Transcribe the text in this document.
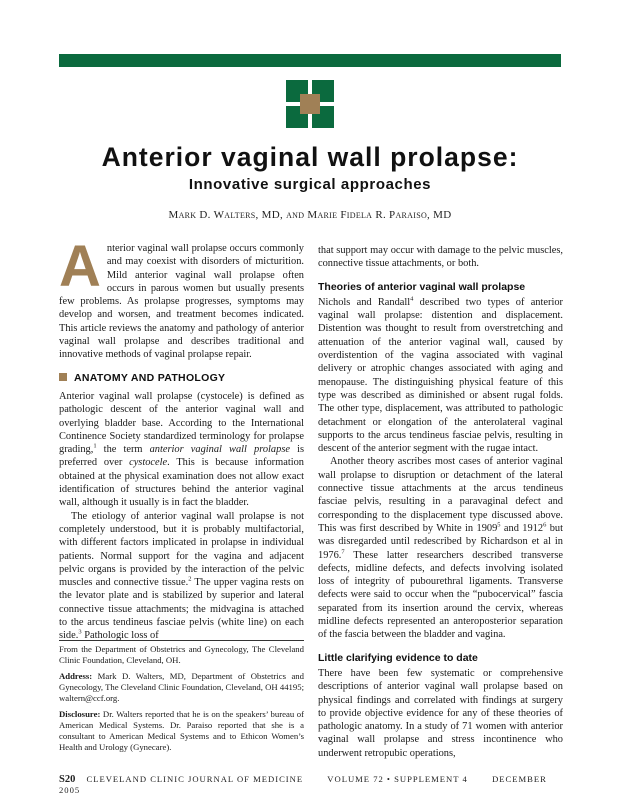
Anterior vaginal wall prolapse:
Innovative surgical approaches
Mark D. Walters, MD, and Marie Fidela R. Paraiso, MD

Anterior vaginal wall prolapse occurs commonly and may coexist with disorders of micturition. Mild anterior vaginal wall prolapse often occurs in parous women but usually presents few problems. As prolapse progresses, symptoms may develop and worsen, and treatment becomes indicated. This article reviews the anatomy and pathology of anterior vaginal wall prolapse and describes traditional and innovative methods of vaginal prolapse repair.

ANATOMY AND PATHOLOGY

Anterior vaginal wall prolapse (cystocele) is defined as pathologic descent of the anterior vaginal wall and overlying bladder base. According to the International Continence Society standardized terminology for prolapse grading,$^1$ the term anterior vaginal wall prolapse is preferred over cystocele. This is because information obtained at the physical examination does not allow exact identification of structures behind the anterior vaginal wall, although it usually is in fact the bladder.

The etiology of anterior vaginal wall prolapse is not completely understood, but it is probably multifactorial, with different factors implicated in prolapse in individual patients. Normal support for the vagina and adjacent pelvic organs is provided by the interaction of the pelvic muscles and connective tissue.$^2$ The upper vagina rests on the levator plate and is stabilized by superior and lateral connective tissue attachments; the midvagina is attached to the arcus tendineus fasciae pelvis (white line) on each side.$^3$ Pathologic loss of

that support may occur with damage to the pelvic muscles, connective tissue attachments, or both.

Theories of anterior vaginal wall prolapse

Nichols and Randall$^4$ described two types of anterior vaginal wall prolapse: distention and displacement. Distention was thought to result from overstretching and attenuation of the anterior vaginal wall, caused by overdistention of the vagina associated with vaginal delivery or atrophic changes associated with aging and menopause. The distinguishing physical feature of this type was described as diminished or absent rugal folds. The other type, displacement, was attributed to pathologic detachment or elongation of the anterolateral vaginal supports to the arcus tendineus fasciae pelvis, resulting in descent of the anterior segment with the rugae intact.

Another theory ascribes most cases of anterior vaginal wall prolapse to disruption or detachment of the lateral connective tissue attachments at the arcus tendineus fasciae pelvis, resulting in a paravaginal defect and corresponding to the displacement type discussed above. This was first described by White in 1909$^5$ and 1912$^6$ but was disregarded until redescribed by Richardson et al in 1976.$^7$ These latter researchers described transverse defects, midline defects, and defects involving isolated loss of integrity of pubourethral ligaments. Transverse defects were said to occur when the “pubocervical” fascia separated from its insertion around the cervix, whereas midline defects represented an anteroposterior separation of the fascia between the bladder and vagina.

Little clarifying evidence to date

There have been few systematic or comprehensive descriptions of anterior vaginal wall prolapse based on physical findings and correlated with findings at surgery to provide objective evidence for any of these theories of pathologic anatomy. In a study of 71 women with anterior vaginal wall prolapse and stress incontinence who underwent retropubic operations,

From the Department of Obstetrics and Gynecology, The Cleveland Clinic Foundation, Cleveland, OH.

Address: Mark D. Walters, MD, Department of Obstetrics and Gynecology, The Cleveland Clinic Foundation, Cleveland, OH 44195; waltern@ccf.org.

Disclosure: Dr. Walters reported that he is on the speakers’ bureau of American Medical Systems. Dr. Paraiso reported that she is a consultant to American Medical Systems and to Ethicon Women’s Health and Urology (Gynecare).

S20 CLEVELAND CLINIC JOURNAL OF MEDICINE	VOLUME 72 • SUPPLEMENT 4	DECEMBER 2005
